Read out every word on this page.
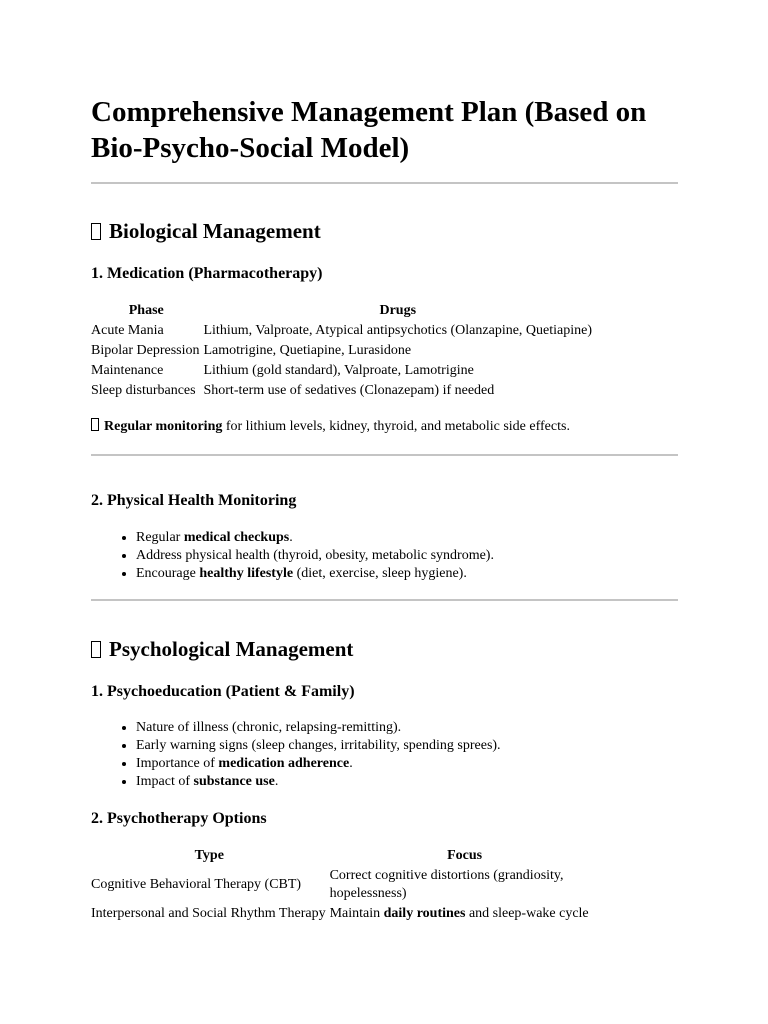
Comprehensive Management Plan (Based on Bio-Psycho-Social Model)
Biological Management
1. Medication (Pharmacotherapy)
Phase	Drugs
Acute Mania	Lithium, Valproate, Atypical antipsychotics (Olanzapine, Quetiapine)
Bipolar Depression	Lamotrigine, Quetiapine, Lurasidone
Maintenance	Lithium (gold standard), Valproate, Lamotrigine
Sleep disturbances	Short-term use of sedatives (Clonazepam) if needed

Regular monitoring for lithium levels, kidney, thyroid, and metabolic side effects.

2. Physical Health Monitoring
• Regular medical checkups.
• Address physical health (thyroid, obesity, metabolic syndrome).
• Encourage healthy lifestyle (diet, exercise, sleep hygiene).
Psychological Management
1. Psychoeducation (Patient & Family)
• Nature of illness (chronic, relapsing-remitting).
• Early warning signs (sleep changes, irritability, spending sprees).
• Importance of medication adherence.
• Impact of substance use.
2. Psychotherapy Options
Type	Focus
Cognitive Behavioral Therapy (CBT)	Correct cognitive distortions (grandiosity, hopelessness)
Interpersonal and Social Rhythm Therapy	Maintain daily routines and sleep-wake cycle
